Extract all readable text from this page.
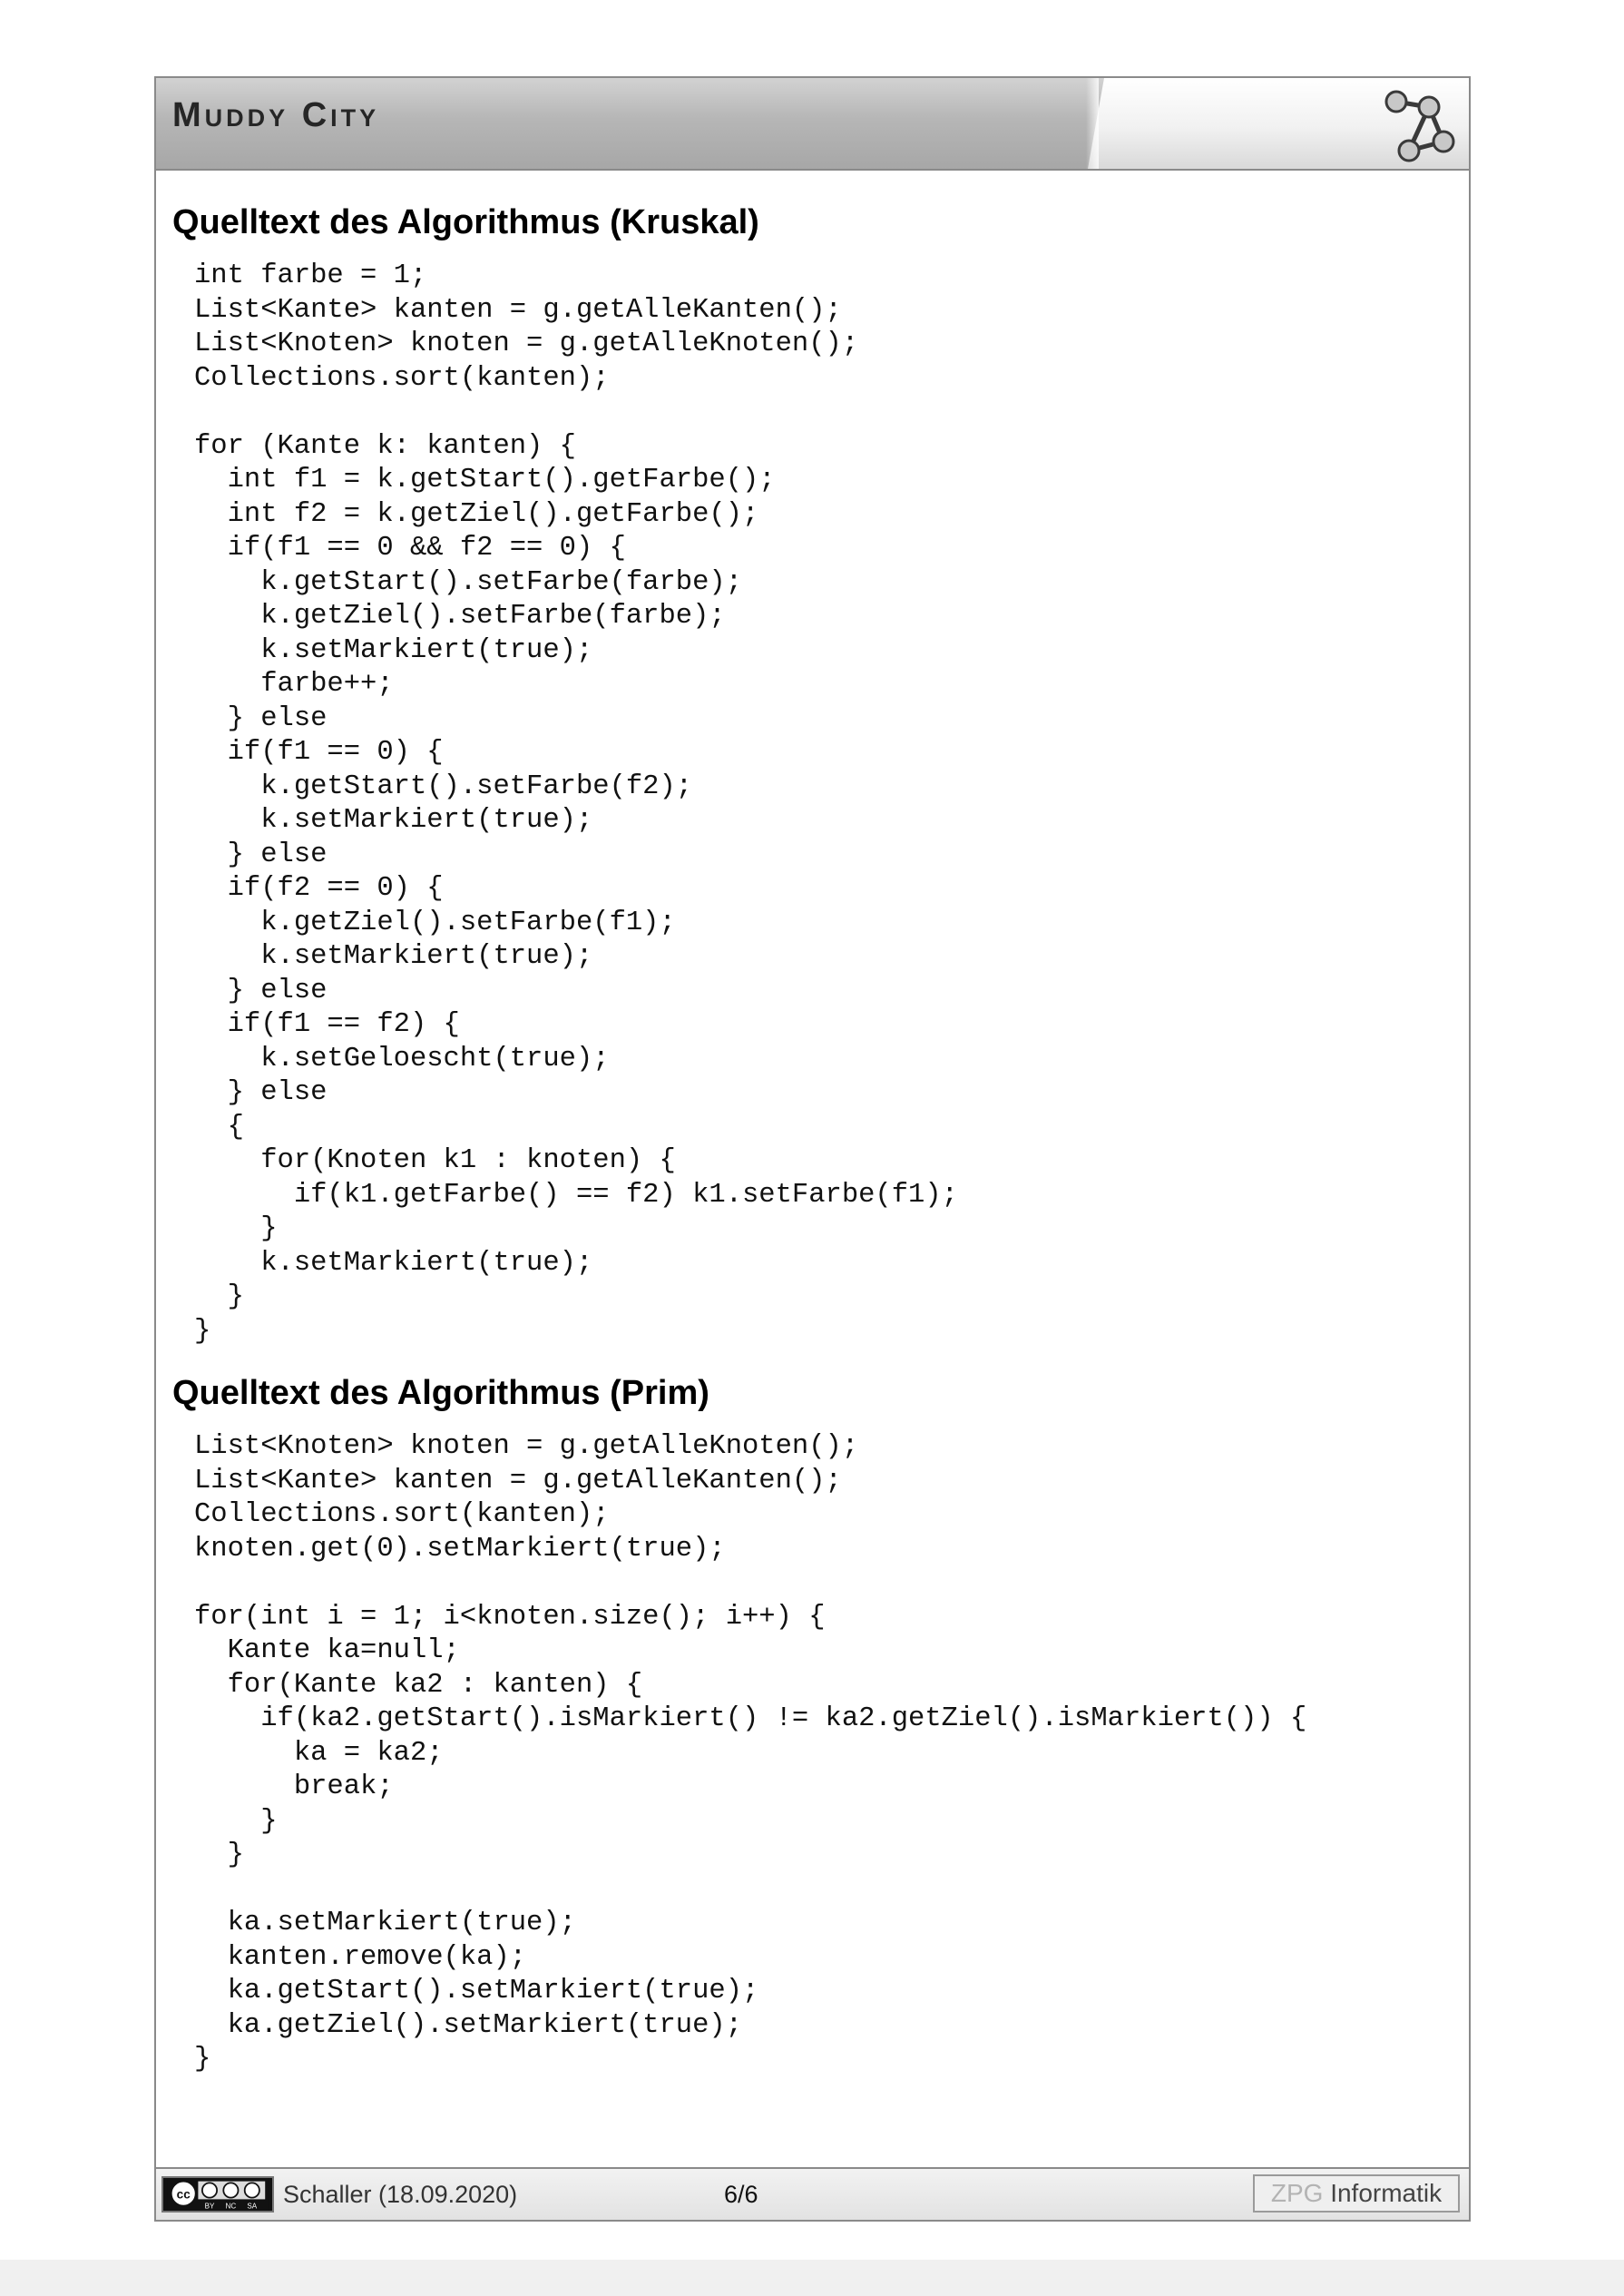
Muddy City
Quelltext des Algorithmus (Kruskal)
int farbe = 1;
List<Kante> kanten = g.getAlleKanten();
List<Knoten> knoten = g.getAlleKnoten();
Collections.sort(kanten);

for (Kante k: kanten) {
int f1 = k.getStart().getFarbe();
int f2 = k.getZiel().getFarbe();
if(f1 == 0 && f2 == 0) {
k.getStart().setFarbe(farbe);
k.getZiel().setFarbe(farbe);
k.setMarkiert(true);
farbe++;
} else
if(f1 == 0) {
k.getStart().setFarbe(f2);
k.setMarkiert(true);
} else
if(f2 == 0) {
k.getZiel().setFarbe(f1);
k.setMarkiert(true);
} else
if(f1 == f2) {
k.setGeloescht(true);
} else
{
for(Knoten k1 : knoten) {
if(k1.getFarbe() == f2) k1.setFarbe(f1);
}
k.setMarkiert(true);
}
}
Quelltext des Algorithmus (Prim)
List<Knoten> knoten = g.getAlleKnoten();
List<Kante> kanten = g.getAlleKanten();
Collections.sort(kanten);
knoten.get(0).setMarkiert(true);

for(int i = 1; i<knoten.size(); i++) {
Kante ka=null;
for(Kante ka2 : kanten) {
if(ka2.getStart().isMarkiert() != ka2.getZiel().isMarkiert()) {
ka = ka2;
break;
}
}

ka.setMarkiert(true);
kanten.remove(ka);
ka.getStart().setMarkiert(true);
ka.getZiel().setMarkiert(true);
}
cc
BY NC SA Schaller (18.09.2020)	6/6	ZPG Informatik
